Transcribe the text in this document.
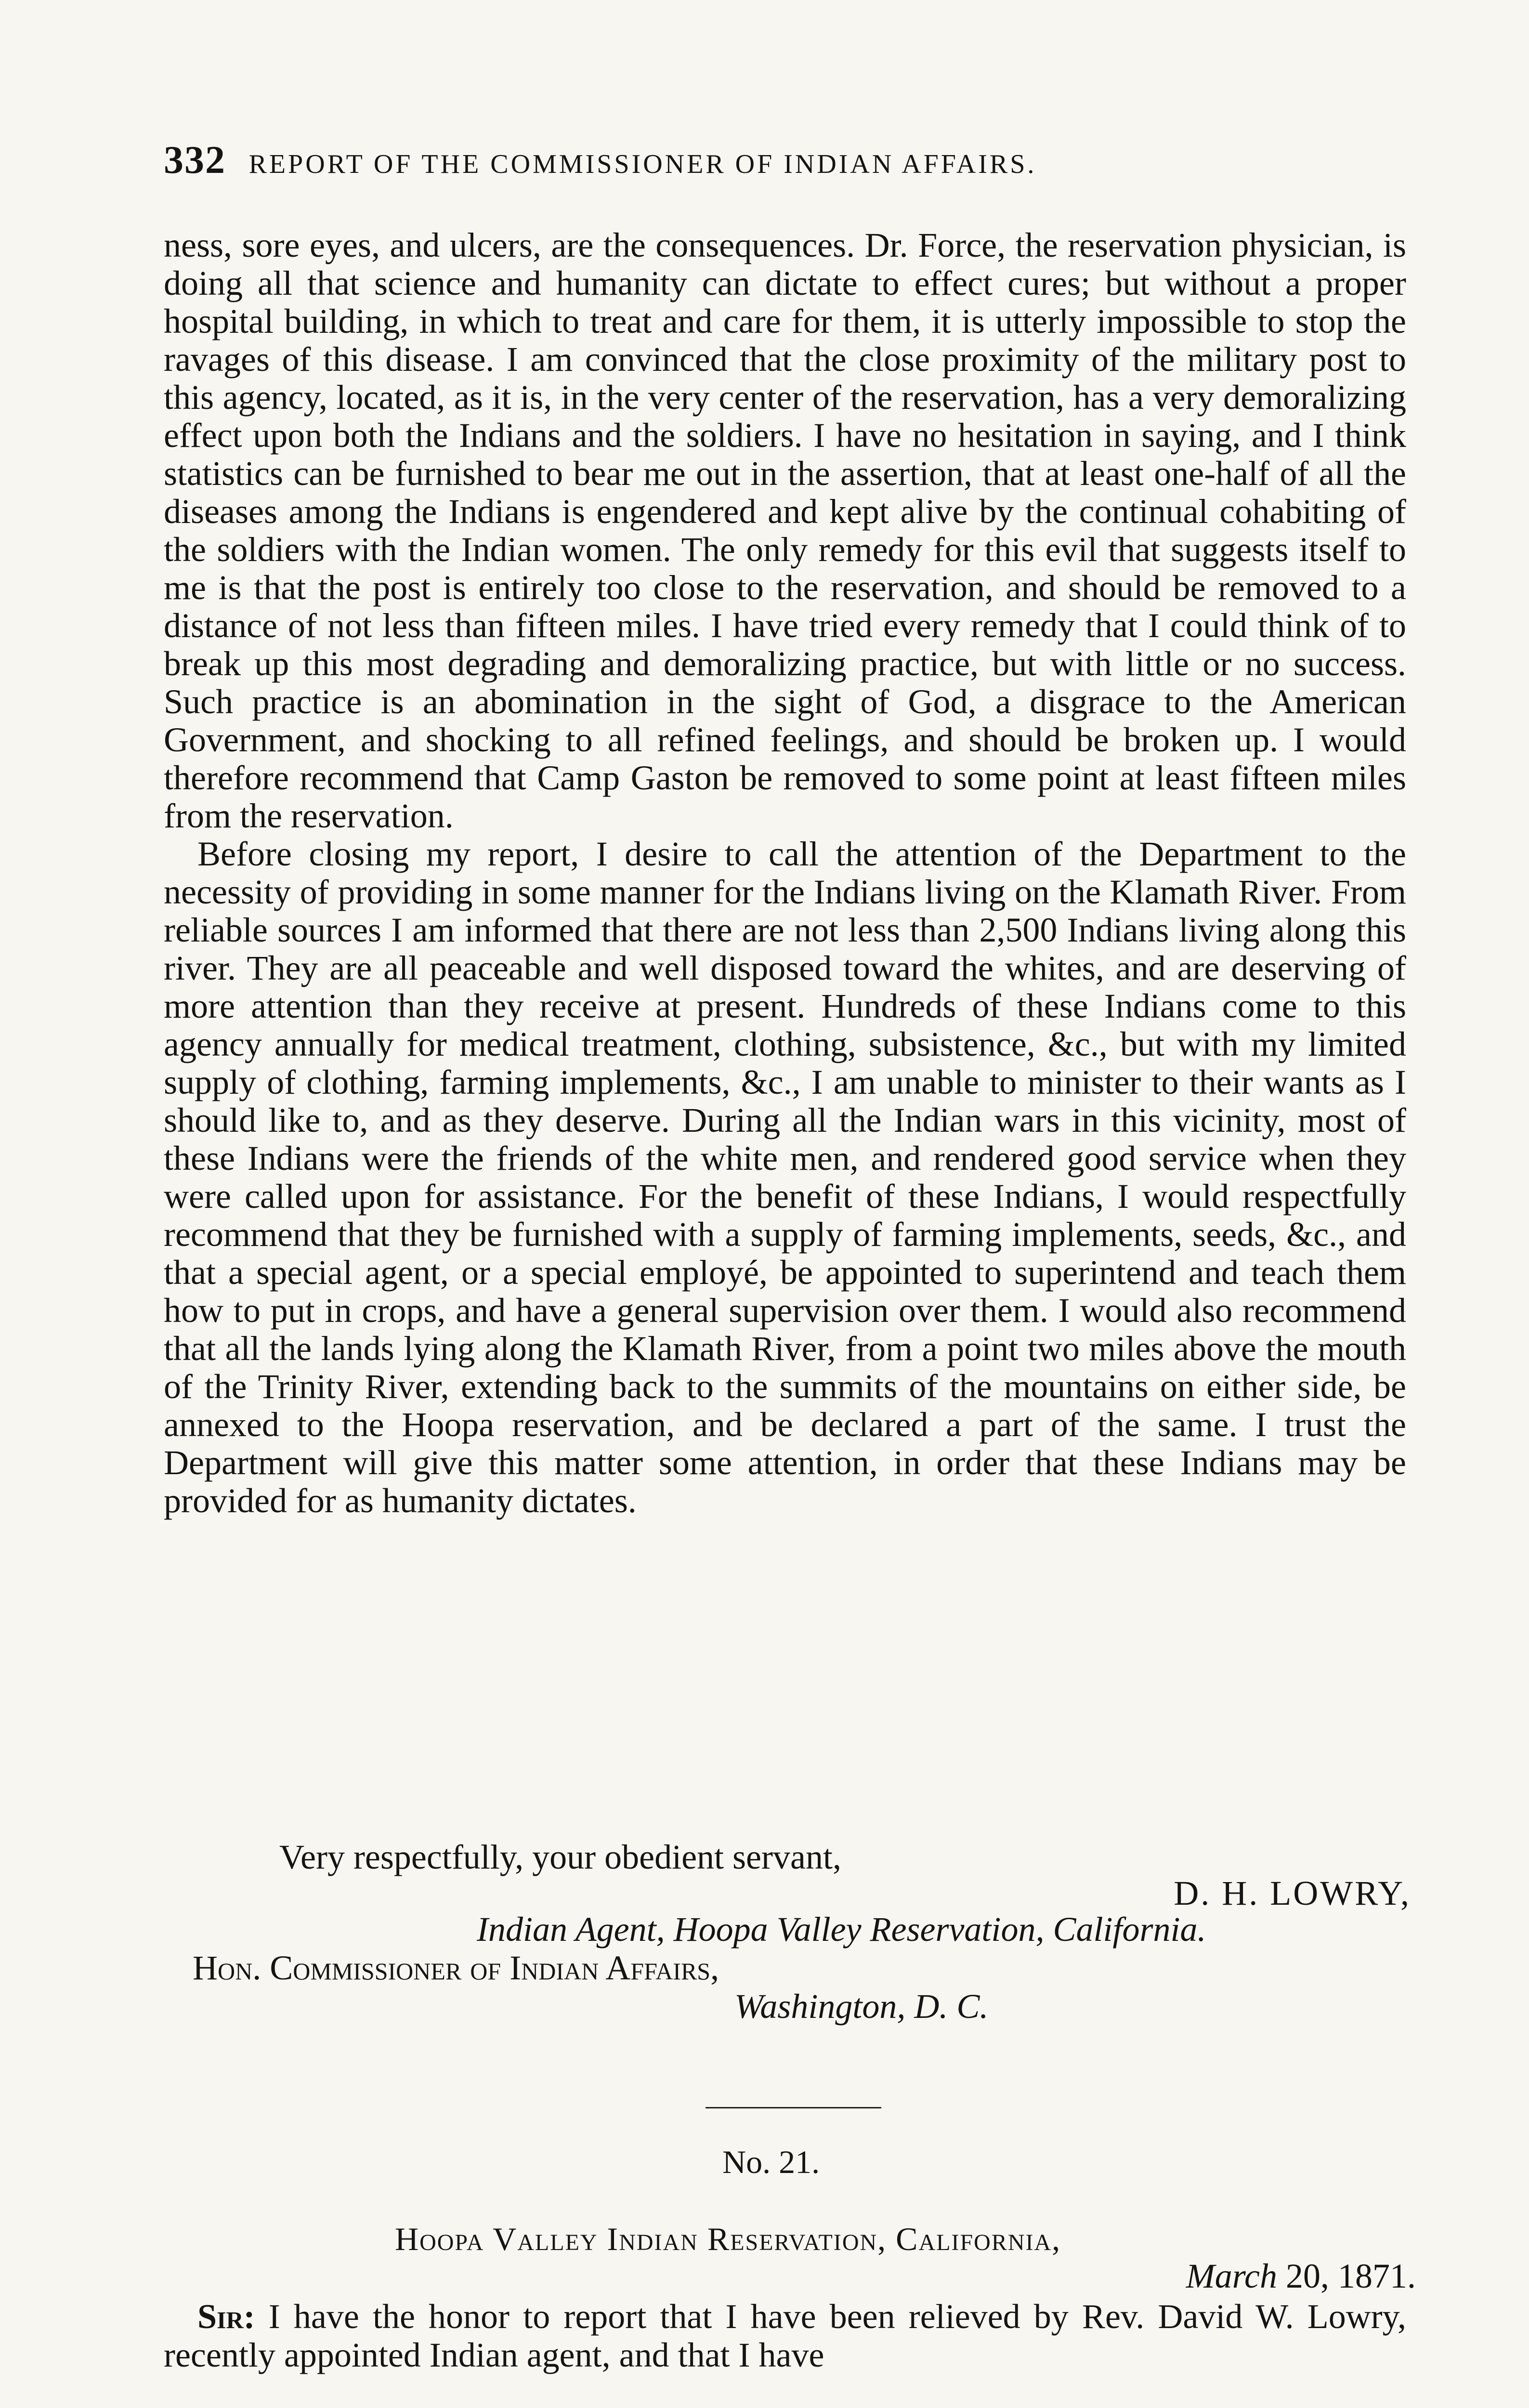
332 REPORT OF THE COMMISSIONER OF INDIAN AFFAIRS.

ness, sore eyes, and ulcers, are the consequences. Dr. Force, the reservation physician, is doing all that science and humanity can dictate to effect cures; but without a proper hospital building, in which to treat and care for them, it is utterly impossible to stop the ravages of this disease. I am convinced that the close proximity of the military post to this agency, located, as it is, in the very center of the reservation, has a very demoralizing effect upon both the Indians and the soldiers. I have no hesitation in saying, and I think statistics can be furnished to bear me out in the assertion, that at least one-half of all the diseases among the Indians is engendered and kept alive by the continual cohabiting of the soldiers with the Indian women. The only remedy for this evil that suggests itself to me is that the post is entirely too close to the reservation, and should be removed to a distance of not less than fifteen miles. I have tried every remedy that I could think of to break up this most degrading and demoralizing practice, but with little or no success. Such practice is an abomination in the sight of God, a disgrace to the American Government, and shocking to all refined feelings, and should be broken up. I would therefore recommend that Camp Gaston be removed to some point at least fifteen miles from the reservation.

Before closing my report, I desire to call the attention of the Department to the necessity of providing in some manner for the Indians living on the Klamath River. From reliable sources I am informed that there are not less than 2,500 Indians living along this river. They are all peaceable and well disposed toward the whites, and are deserving of more attention than they receive at present. Hundreds of these Indians come to this agency annually for medical treatment, clothing, subsistence, &c., but with my limited supply of clothing, farming implements, &c., I am unable to minister to their wants as I should like to, and as they deserve. During all the Indian wars in this vicinity, most of these Indians were the friends of the white men, and rendered good service when they were called upon for assistance. For the benefit of these Indians, I would respectfully recommend that they be furnished with a supply of farming implements, seeds, &c., and that a special agent, or a special employé, be appointed to superintend and teach them how to put in crops, and have a general supervision over them. I would also recommend that all the lands lying along the Klamath River, from a point two miles above the mouth of the Trinity River, extending back to the summits of the mountains on either side, be annexed to the Hoopa reservation, and be declared a part of the same. I trust the Department will give this matter some attention, in order that these Indians may be provided for as humanity dictates.

Very respectfully, your obedient servant,
D. H. LOWRY,
Indian Agent, Hoopa Valley Reservation, California.
Hon. Commissioner of Indian Affairs,
Washington, D. C.
No. 21.
Hoopa Valley Indian Reservation, California,
March 20, 1871.
Sir: I have the honor to report that I have been relieved by Rev. David W. Lowry, recently appointed Indian agent, and that I have
